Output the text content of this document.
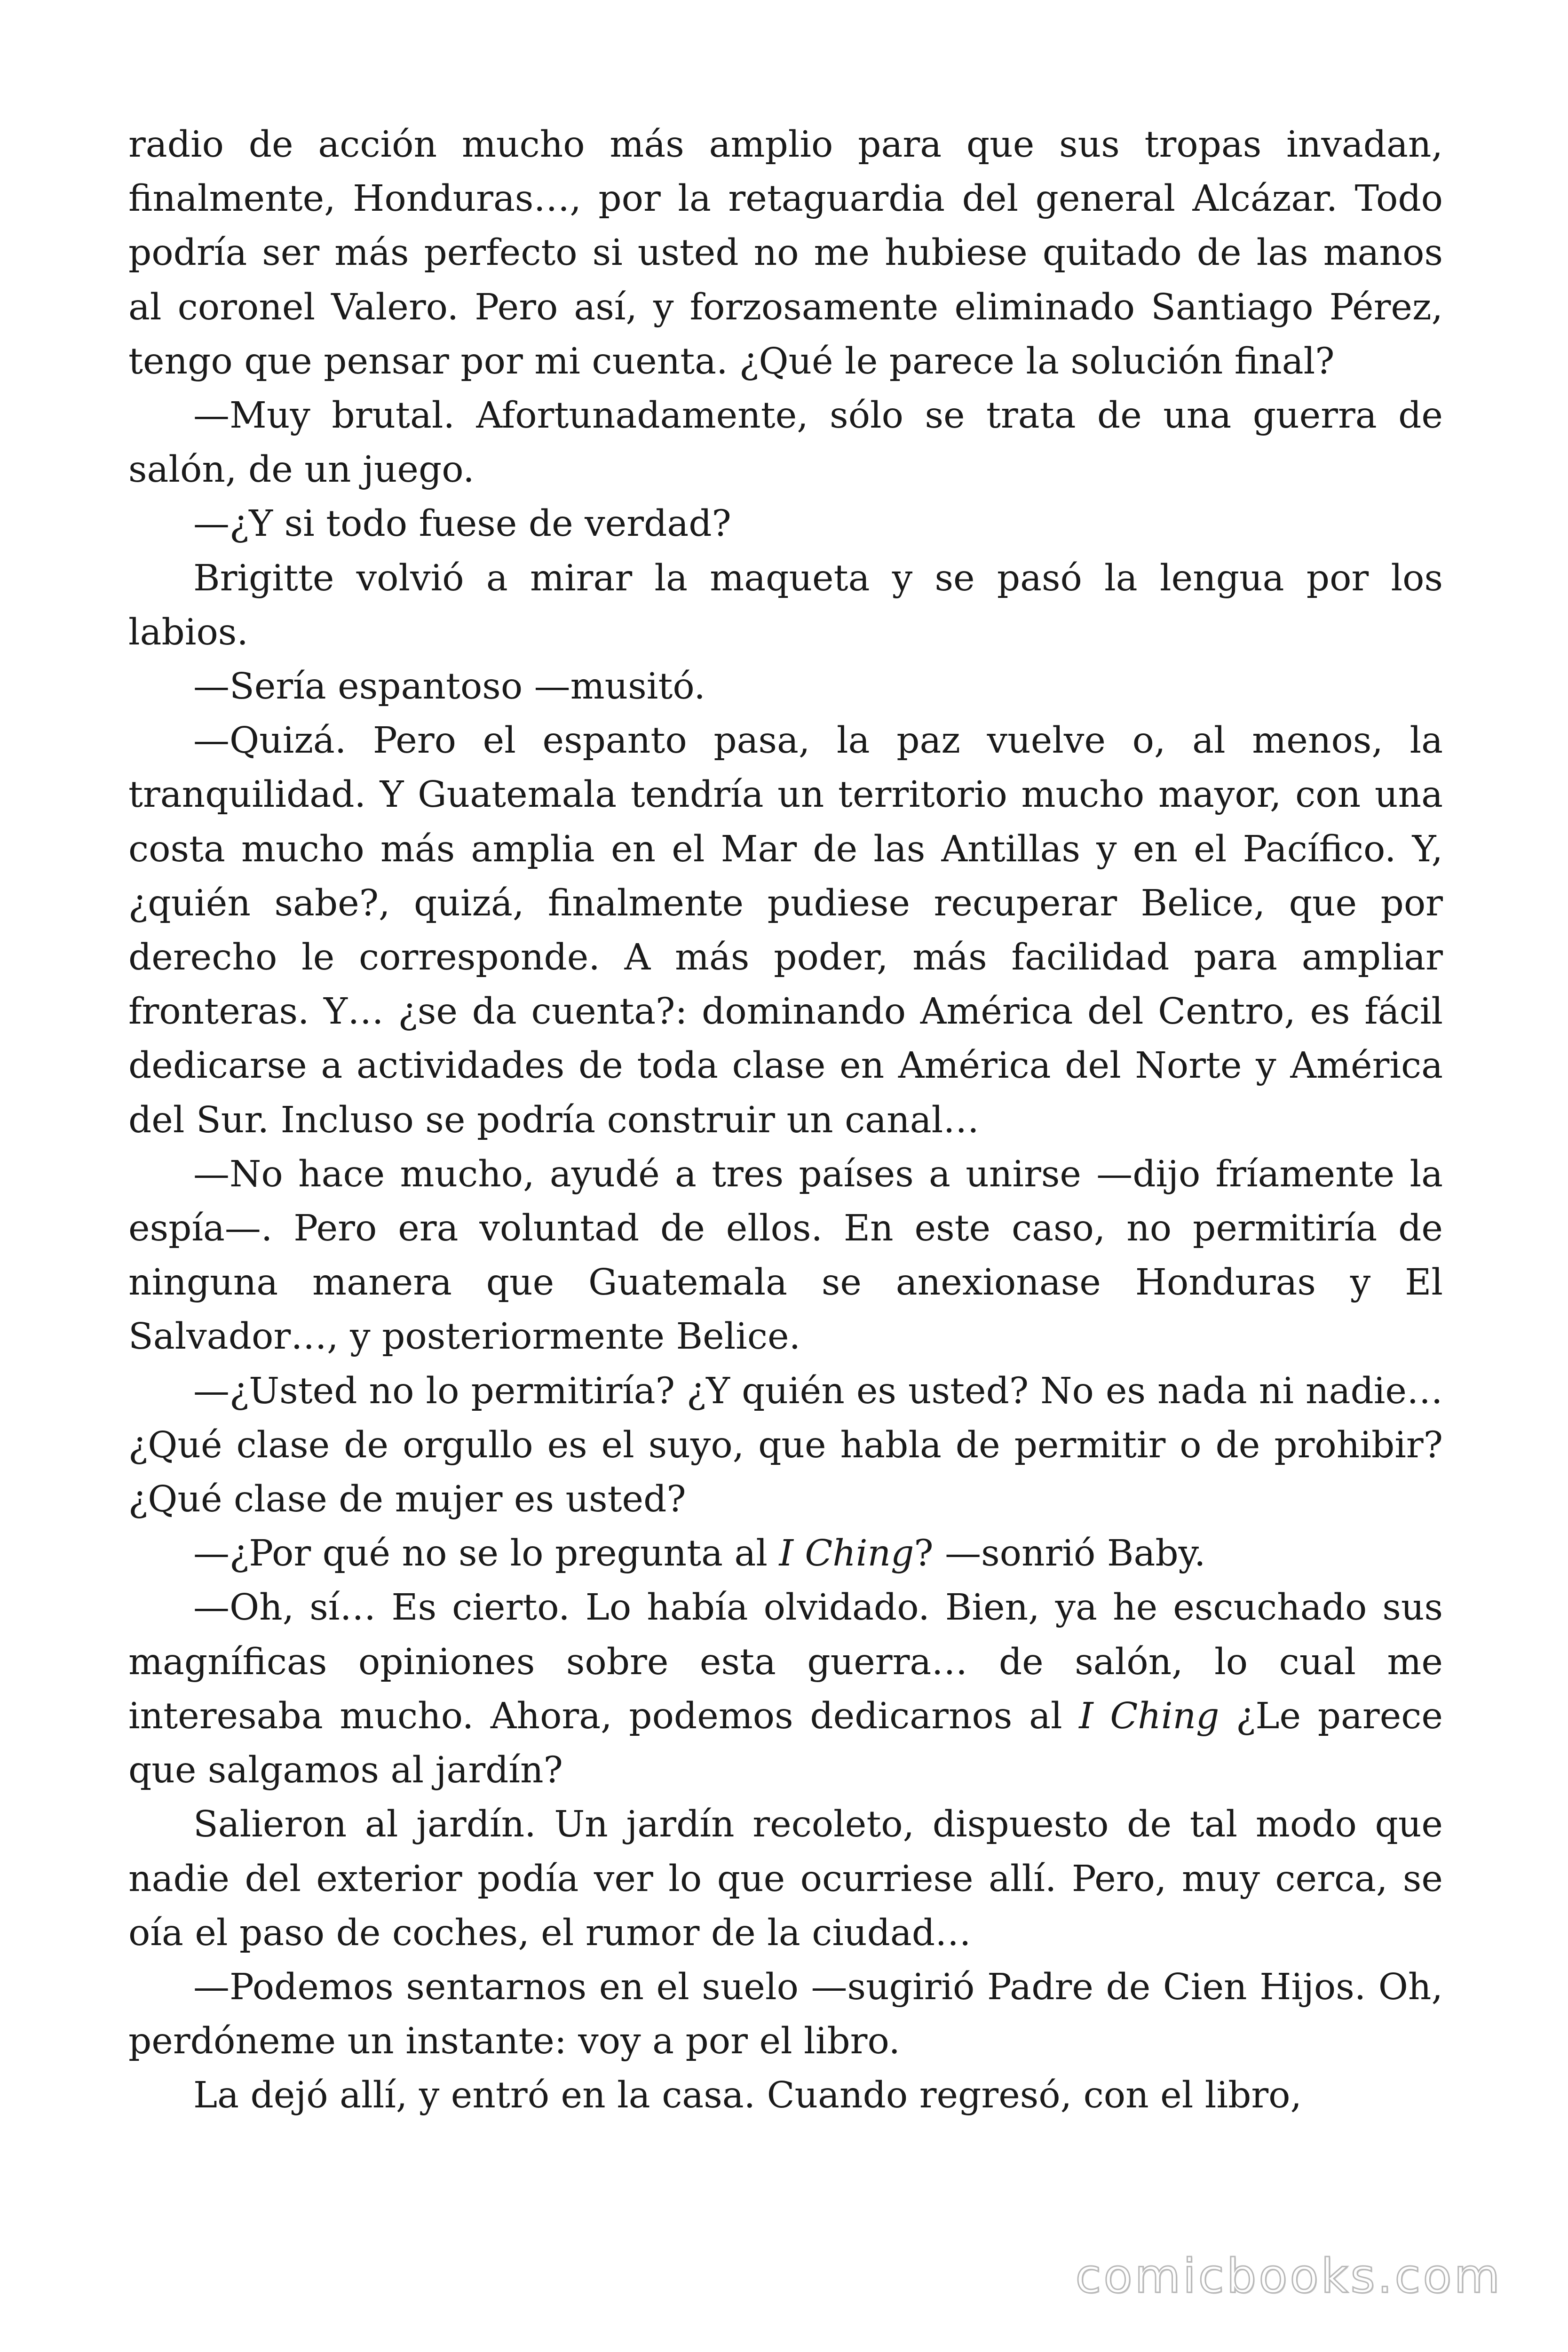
radio de acción mucho más amplio para que sus tropas invadan, finalmente, Honduras…, por la retaguardia del general Alcázar. Todo podría ser más perfecto si usted no me hubiese quitado de las manos al coronel Valero. Pero así, y forzosamente eliminado Santiago Pérez, tengo que pensar por mi cuenta. ¿Qué le parece la solución final?

—Muy brutal. Afortunadamente, sólo se trata de una guerra de salón, de un juego.

—¿Y si todo fuese de verdad?

Brigitte volvió a mirar la maqueta y se pasó la lengua por los labios.

—Sería espantoso —musitó.

—Quizá. Pero el espanto pasa, la paz vuelve o, al menos, la tranquilidad. Y Guatemala tendría un territorio mucho mayor, con una costa mucho más amplia en el Mar de las Antillas y en el Pacífico. Y, ¿quién sabe?, quizá, finalmente pudiese recuperar Belice, que por derecho le corresponde. A más poder, más facilidad para ampliar fronteras. Y… ¿se da cuenta?: dominando América del Centro, es fácil dedicarse a actividades de toda clase en América del Norte y América del Sur. Incluso se podría construir un canal…

—No hace mucho, ayudé a tres países a unirse —dijo fríamente la espía—. Pero era voluntad de ellos. En este caso, no permitiría de ninguna manera que Guatemala se anexionase Honduras y El Salvador…, y posteriormente Belice.

—¿Usted no lo permitiría? ¿Y quién es usted? No es nada ni nadie… ¿Qué clase de orgullo es el suyo, que habla de permitir o de prohibir? ¿Qué clase de mujer es usted?

—¿Por qué no se lo pregunta al I Ching? —sonrió Baby.

—Oh, sí… Es cierto. Lo había olvidado. Bien, ya he escuchado sus magníficas opiniones sobre esta guerra… de salón, lo cual me interesaba mucho. Ahora, podemos dedicarnos al I Ching ¿Le parece que salgamos al jardín?

Salieron al jardín. Un jardín recoleto, dispuesto de tal modo que nadie del exterior podía ver lo que ocurriese allí. Pero, muy cerca, se oía el paso de coches, el rumor de la ciudad…

—Podemos sentarnos en el suelo —sugirió Padre de Cien Hijos. Oh, perdóneme un instante: voy a por el libro.

La dejó allí, y entró en la casa. Cuando regresó, con el libro,

comicbooks.com
